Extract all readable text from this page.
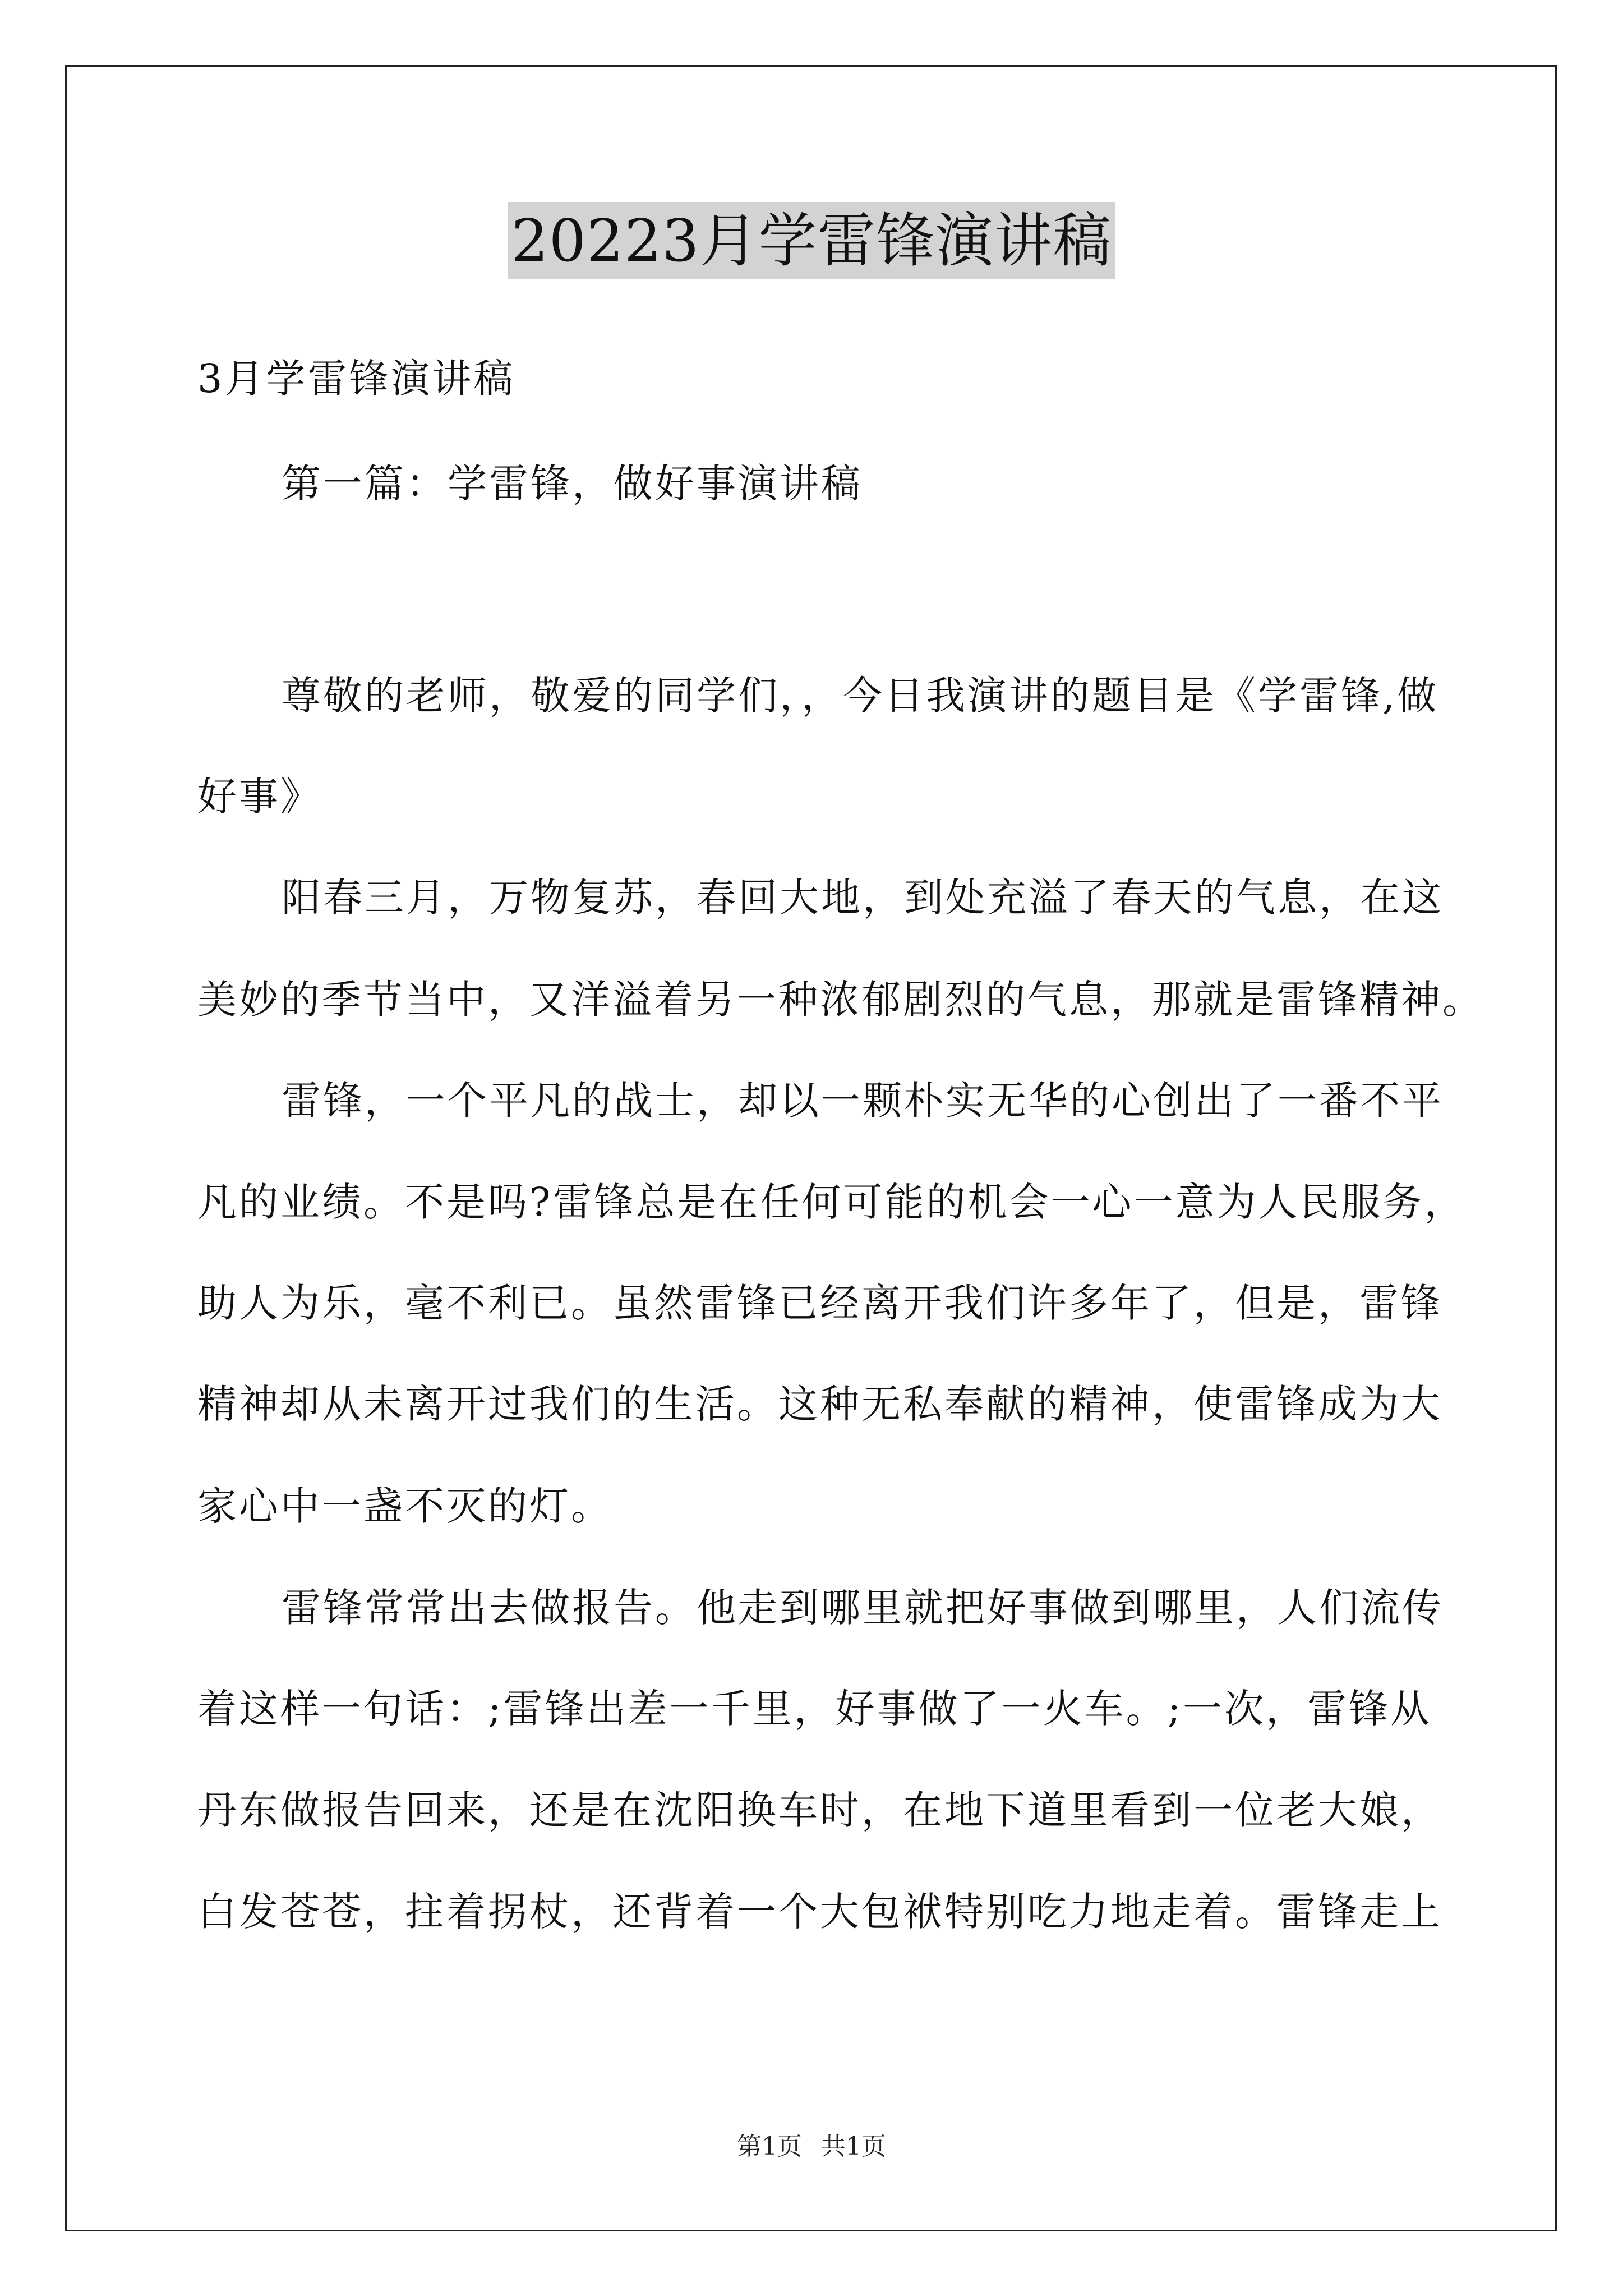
20223月学雷锋演讲稿
3月学雷锋演讲稿
第一篇：学雷锋，做好事演讲稿
尊敬的老师，敬爱的同学们，，今日我演讲的题目是《学雷锋,做
好事》
阳春三月，万物复苏，春回大地，到处充溢了春天的气息，在这
美妙的季节当中，又洋溢着另一种浓郁剧烈的气息，那就是雷锋精神。
雷锋，一个平凡的战士，却以一颗朴实无华的心创出了一番不平
凡的业绩。不是吗?雷锋总是在任何可能的机会一心一意为人民服务，
助人为乐，毫不利已。虽然雷锋已经离开我们许多年了，但是，雷锋
精神却从未离开过我们的生活。这种无私奉献的精神，使雷锋成为大
家心中一盏不灭的灯。
雷锋常常出去做报告。他走到哪里就把好事做到哪里，人们流传
着这样一句话：;雷锋出差一千里，好事做了一火车。;一次，雷锋从
丹东做报告回来，还是在沈阳换车时，在地下道里看到一位老大娘，
白发苍苍，拄着拐杖，还背着一个大包袱特别吃力地走着。雷锋走上
第1页 共1页
